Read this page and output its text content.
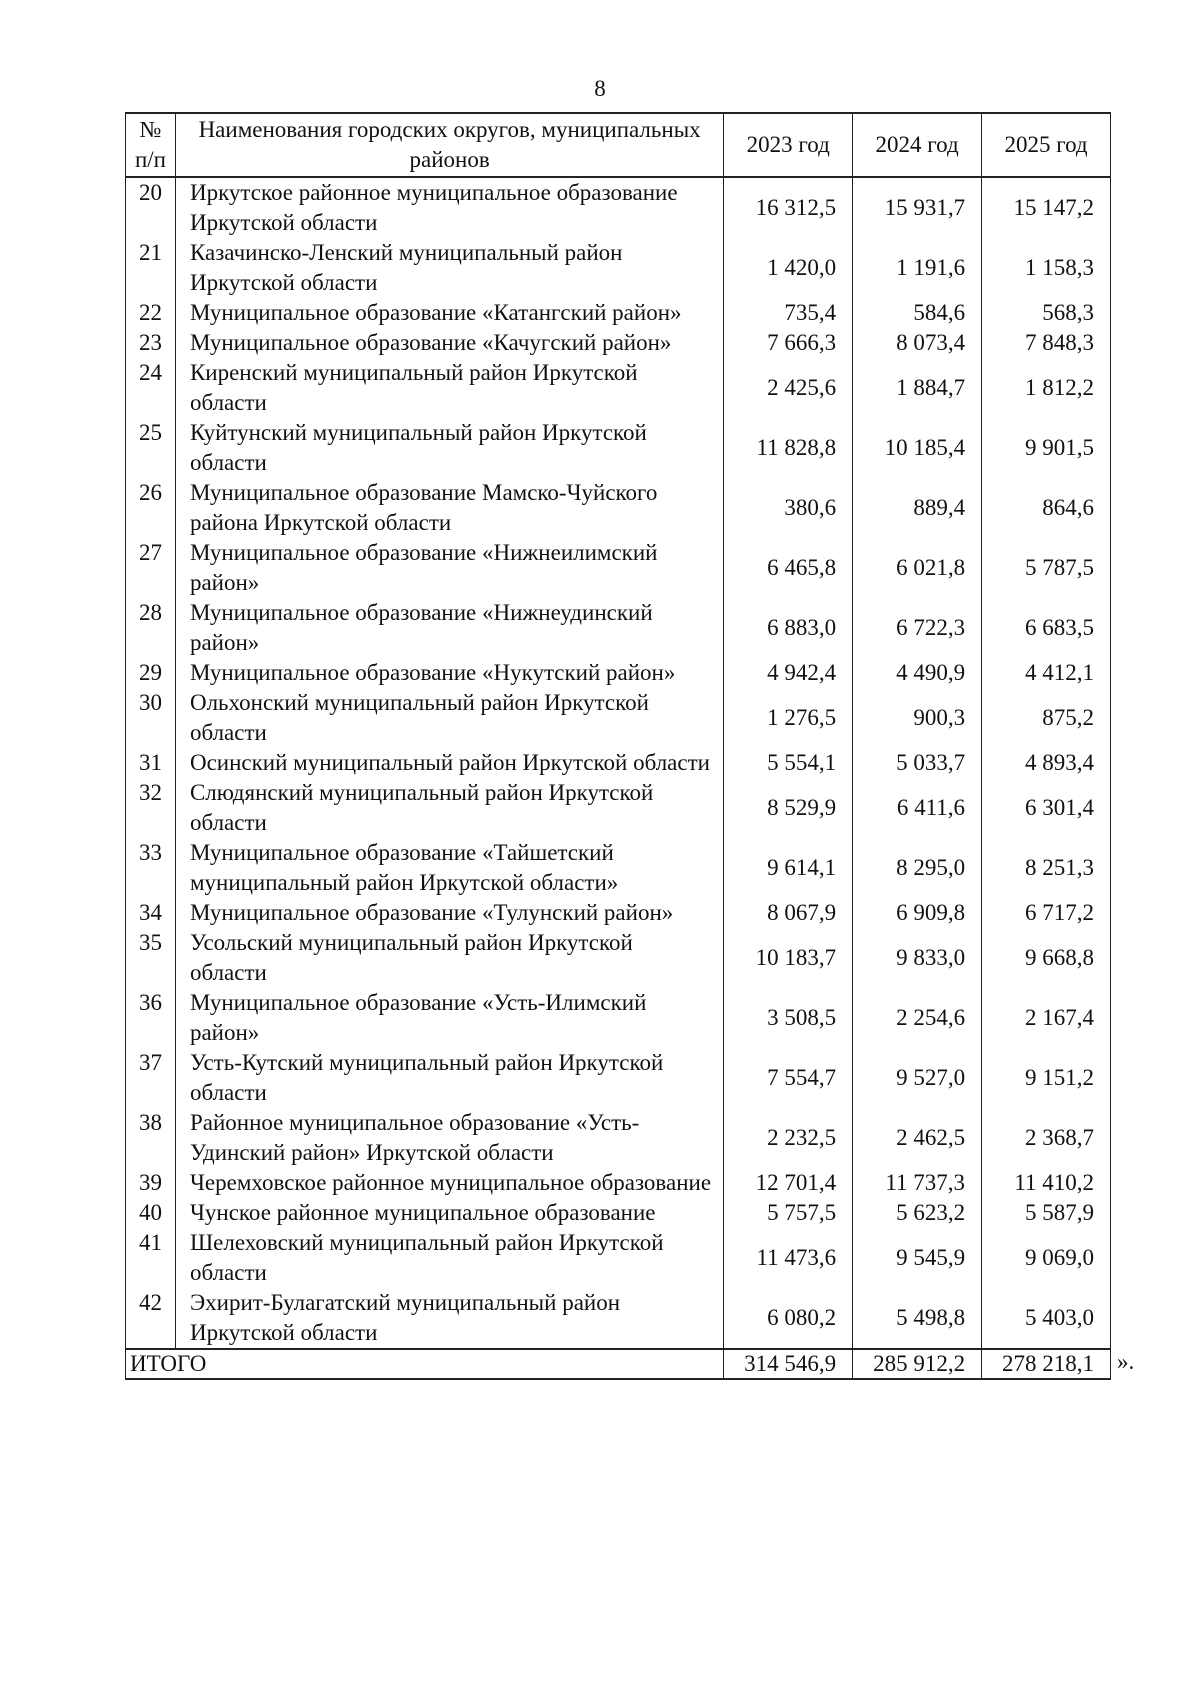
8
№ п/п	Наименования городских округов, муниципальных районов	2023 год	2024 год	2025 год
20	Иркутское районное муниципальное образование Иркутской области	16 312,5	15 931,7	15 147,2
21	Казачинско-Ленский муниципальный район Иркутской области	1 420,0	1 191,6	1 158,3
22	Муниципальное образование «Катангский район»	735,4	584,6	568,3
23	Муниципальное образование «Качугский район»	7 666,3	8 073,4	7 848,3
24	Киренский муниципальный район Иркутской области	2 425,6	1 884,7	1 812,2
25	Куйтунский муниципальный район Иркутской области	11 828,8	10 185,4	9 901,5
26	Муниципальное образование Мамско-Чуйского района Иркутской области	380,6	889,4	864,6
27	Муниципальное образование «Нижнеилимский район»	6 465,8	6 021,8	5 787,5
28	Муниципальное образование «Нижнеудинский район»	6 883,0	6 722,3	6 683,5
29	Муниципальное образование «Нукутский район»	4 942,4	4 490,9	4 412,1
30	Ольхонский муниципальный район Иркутской области	1 276,5	900,3	875,2
31	Осинский муниципальный район Иркутской области	5 554,1	5 033,7	4 893,4
32	Слюдянский муниципальный район Иркутской области	8 529,9	6 411,6	6 301,4
33	Муниципальное образование «Тайшетский муниципальный район Иркутской области»	9 614,1	8 295,0	8 251,3
34	Муниципальное образование «Тулунский район»	8 067,9	6 909,8	6 717,2
35	Усольский муниципальный район Иркутской области	10 183,7	9 833,0	9 668,8
36	Муниципальное образование «Усть-Илимский район»	3 508,5	2 254,6	2 167,4
37	Усть-Кутский муниципальный район Иркутской области	7 554,7	9 527,0	9 151,2
38	Районное муниципальное образование «Усть-Удинский район» Иркутской области	2 232,5	2 462,5	2 368,7
39	Черемховское районное муниципальное образование	12 701,4	11 737,3	11 410,2
40	Чунское районное муниципальное образование	5 757,5	5 623,2	5 587,9
41	Шелеховский муниципальный район Иркутской области	11 473,6	9 545,9	9 069,0
42	Эхирит-Булагатский муниципальный район Иркутской области	6 080,2	5 498,8	5 403,0
ИТОГО		314 546,9	285 912,2	278 218,1 ».
